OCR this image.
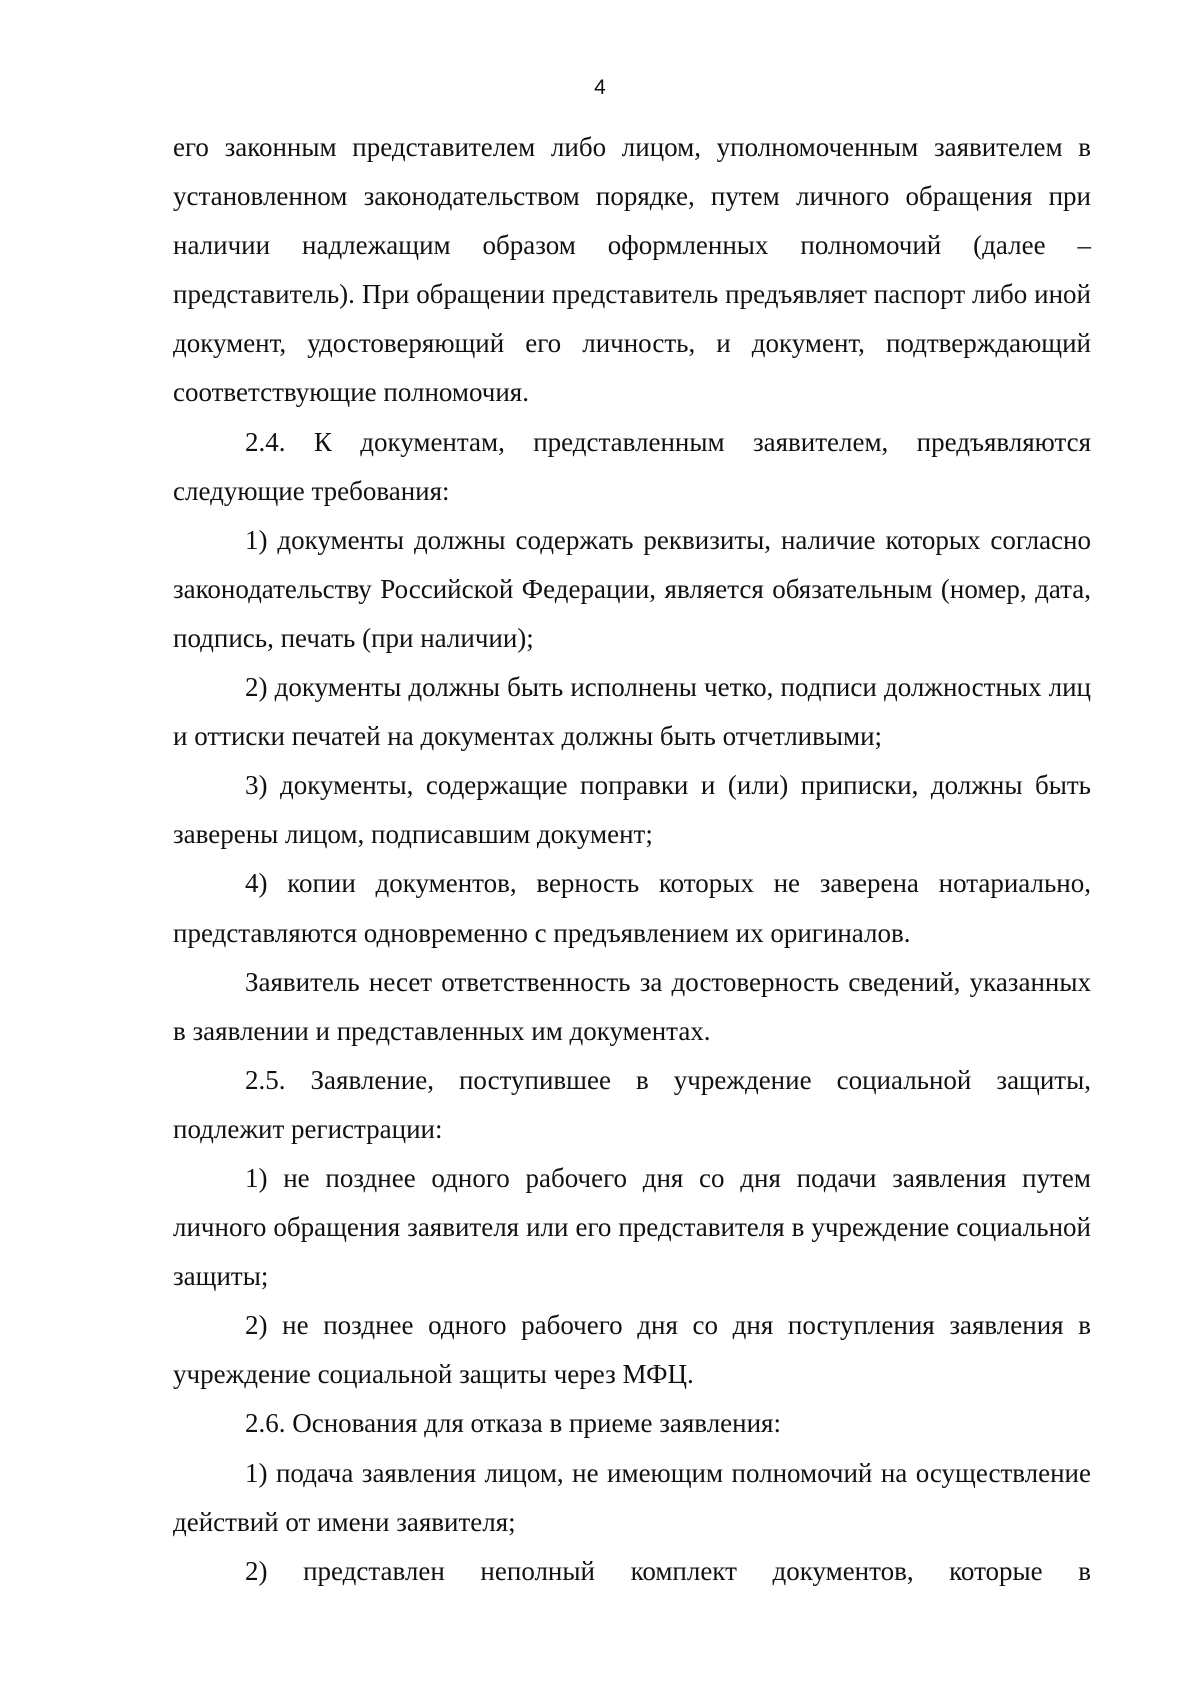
4

его законным представителем либо лицом, уполномоченным заявителем в установленном законодательством порядке, путем личного обращения при наличии надлежащим образом оформленных полномочий (далее – представитель). При обращении представитель предъявляет паспорт либо иной документ, удостоверяющий его личность, и документ, подтверждающий соответствующие полномочия.

2.4. К документам, представленным заявителем, предъявляются следующие требования:

1) документы должны содержать реквизиты, наличие которых согласно законодательству Российской Федерации, является обязательным (номер, дата, подпись, печать (при наличии);

2) документы должны быть исполнены четко, подписи должностных лиц и оттиски печатей на документах должны быть отчетливыми;

3) документы, содержащие поправки и (или) приписки, должны быть заверены лицом, подписавшим документ;

4) копии документов, верность которых не заверена нотариально, представляются одновременно с предъявлением их оригиналов.

Заявитель несет ответственность за достоверность сведений, указанных в заявлении и представленных им документах.

2.5. Заявление, поступившее в учреждение социальной защиты, подлежит регистрации:

1) не позднее одного рабочего дня со дня подачи заявления путем личного обращения заявителя или его представителя в учреждение социальной защиты;

2) не позднее одного рабочего дня со дня поступления заявления в учреждение социальной защиты через МФЦ.

2.6. Основания для отказа в приеме заявления:

1) подача заявления лицом, не имеющим полномочий на осуществление действий от имени заявителя;

2) представлен неполный комплект документов, которые в
